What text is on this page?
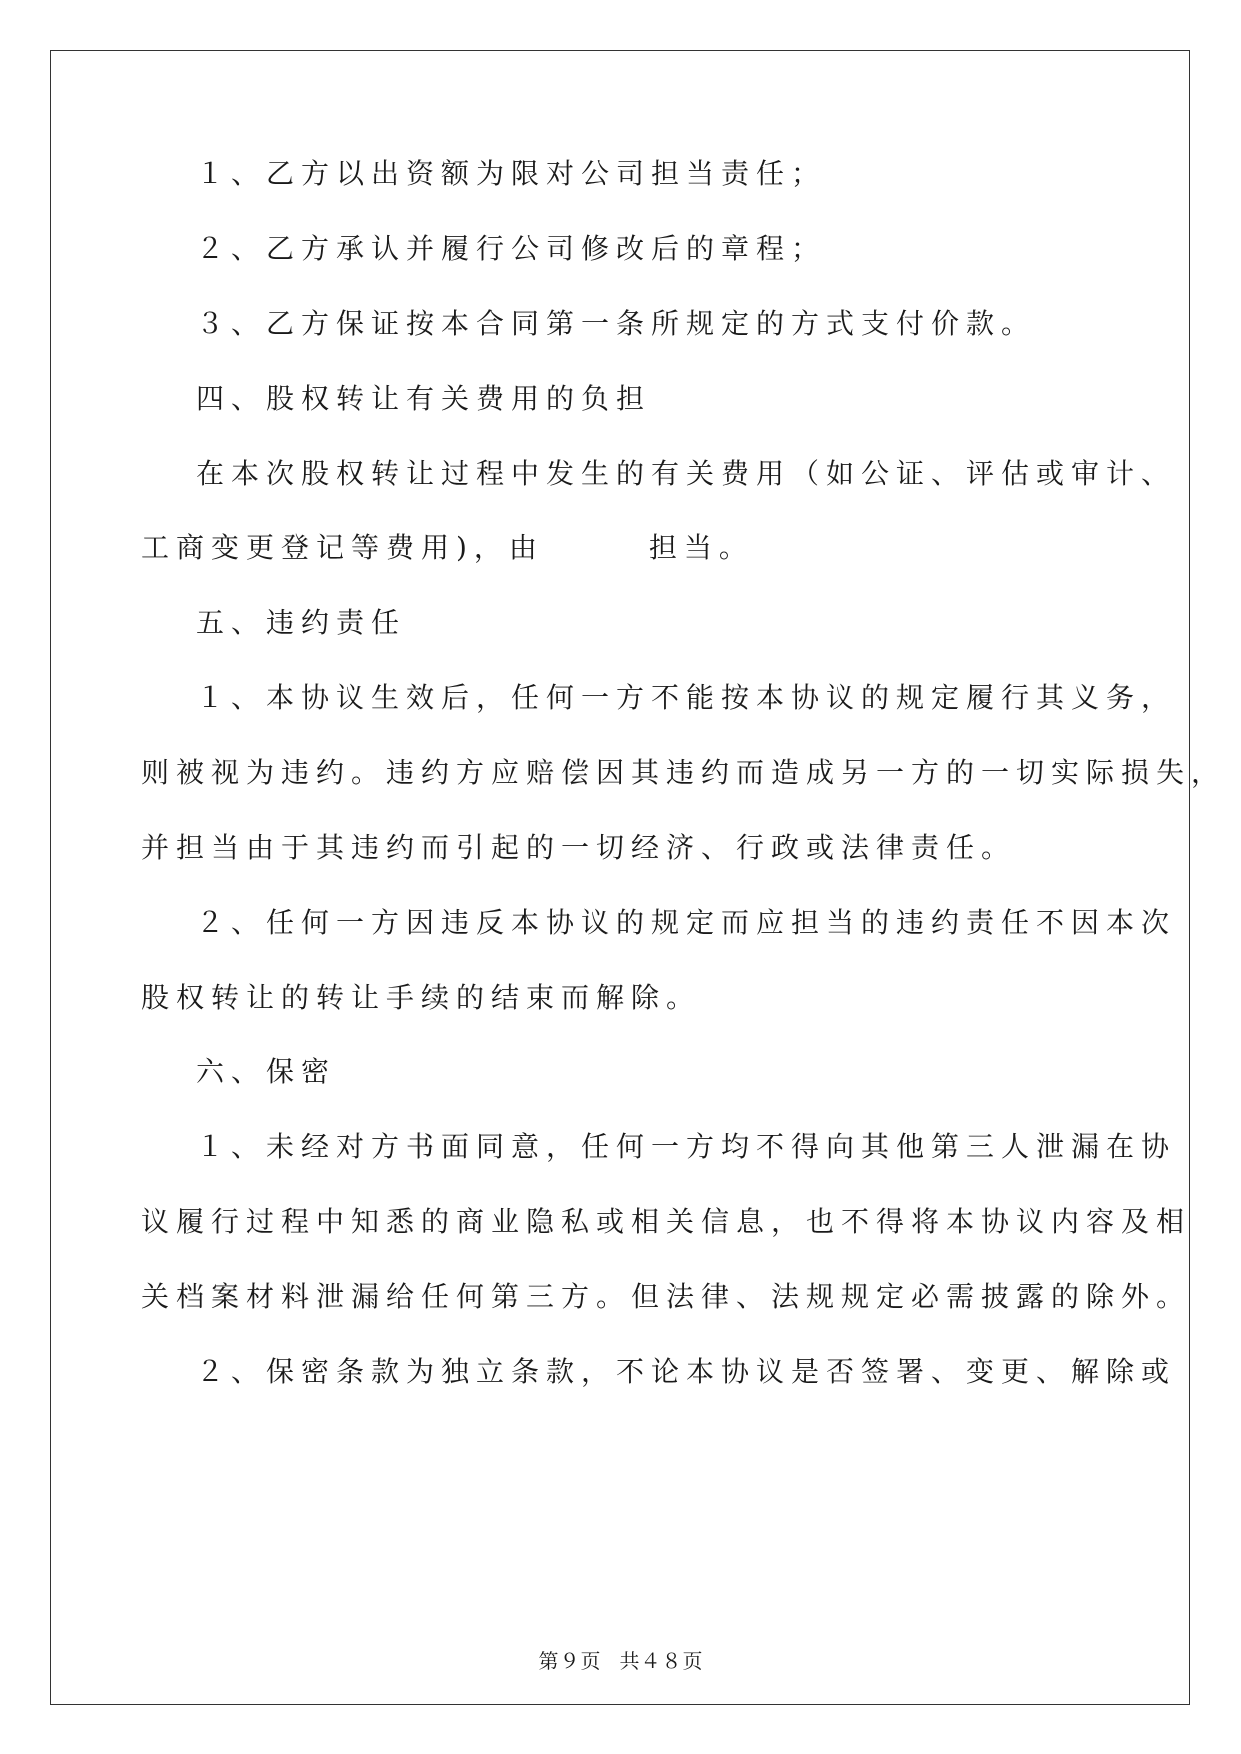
１、乙方以出资额为限对公司担当责任；
２、乙方承认并履行公司修改后的章程；
３、乙方保证按本合同第一条所规定的方式支付价款。
四、股权转让有关费用的负担
在本次股权转让过程中发生的有关费用（如公证、评估或审计、
工商变更登记等费用)，由　　　担当。
五、违约责任
１、本协议生效后，任何一方不能按本协议的规定履行其义务，
则被视为违约。违约方应赔偿因其违约而造成另一方的一切实际损失，
并担当由于其违约而引起的一切经济、行政或法律责任。
２、任何一方因违反本协议的规定而应担当的违约责任不因本次
股权转让的转让手续的结束而解除。
六、保密
１、未经对方书面同意，任何一方均不得向其他第三人泄漏在协
议履行过程中知悉的商业隐私或相关信息，也不得将本协议内容及相
关档案材料泄漏给任何第三方。但法律、法规规定必需披露的除外。
２、保密条款为独立条款，不论本协议是否签署、变更、解除或
第９页 共４８页
